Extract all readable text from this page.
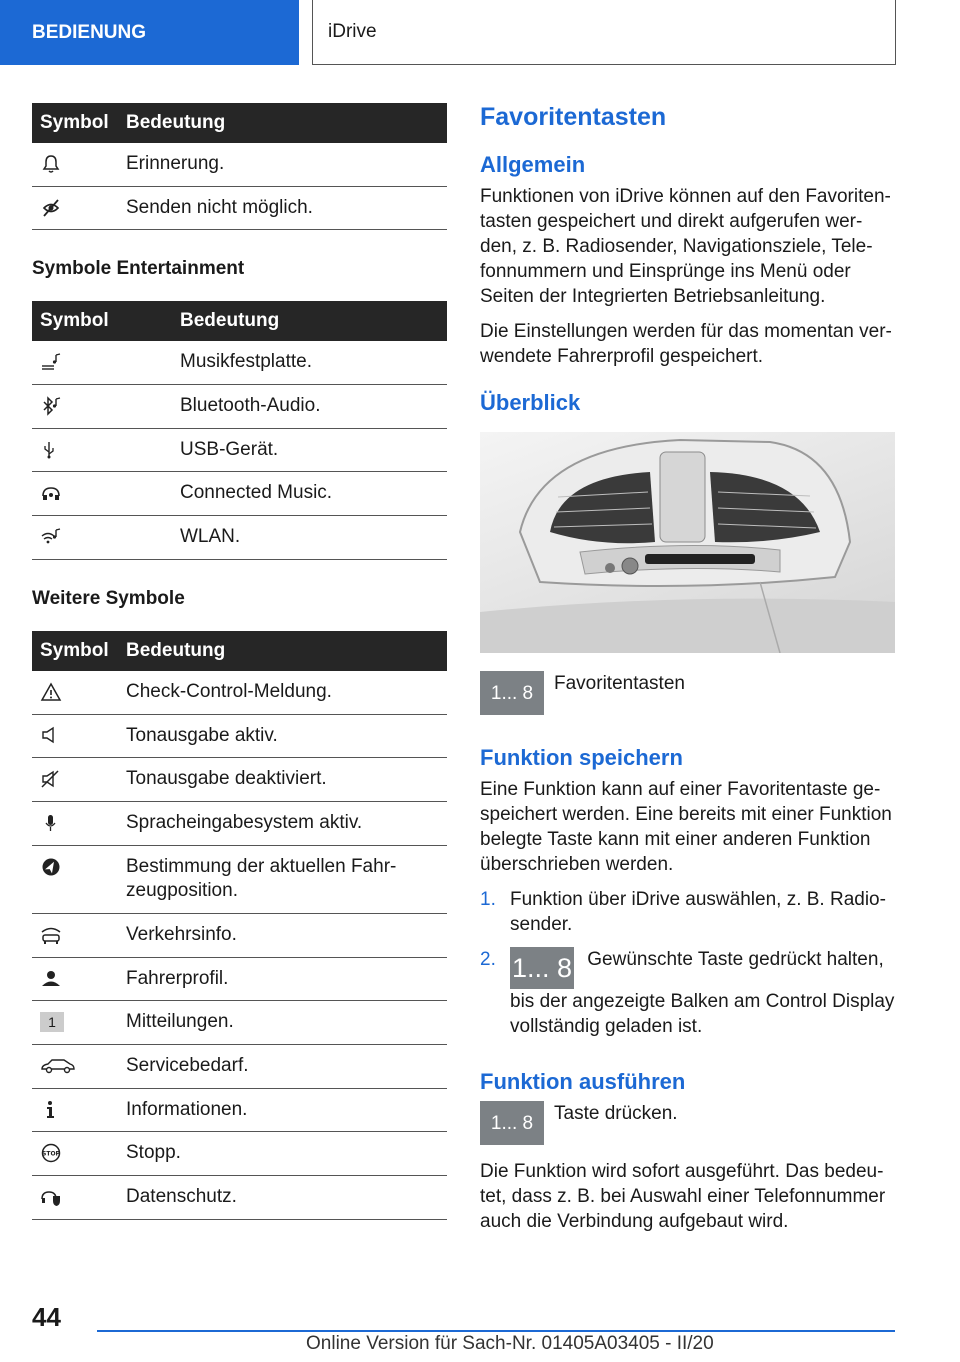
BEDIENUNG	iDrive
Symbol	Bedeutung
	Erinnerung.
	Senden nicht möglich.
Symbole Entertainment
Symbol	Bedeutung
	Musikfestplatte.
	Bluetooth-Audio.
	USB-Gerät.
	Connected Music.
	WLAN.
Weitere Symbole
Symbol	Bedeutung
	Check-Control-Meldung.
	Tonausgabe aktiv.
	Tonausgabe deaktiviert.
	Spracheingabesystem aktiv.
	Bestimmung der aktuellen Fahr-
zeugposition.
	Verkehrsinfo.
	Fahrerprofil.
1	Mitteilungen.
	Servicebedarf.
	Informationen.

STOP	Stopp.
	Datenschutz.
Favoritentasten
Allgemein

Funktionen von iDrive können auf den Favoriten-tasten gespeichert und direkt aufgerufen wer-den, z. B. Radiosender, Navigationsziele, Tele-fonnummern und Einsprünge ins Menü oder Seiten der Integrierten Betriebsanleitung.

Die Einstellungen werden für das momentan ver-wendete Fahrerprofil gespeichert.

Überblick
1... 8	Favoritentasten
Funktion speichern

Eine Funktion kann auf einer Favoritentaste ge-speichert werden. Eine bereits mit einer Funktion belegte Taste kann mit einer anderen Funktion überschrieben werden.

1. Funktion über iDrive auswählen, z. B. Radio-sender.
2. 1... 8 Gewünschte Taste gedrückt halten, bis der angezeigte Balken am Control Display vollständig geladen ist.
Funktion ausführen
1... 8	Taste drücken.

Die Funktion wird sofort ausgeführt. Das bedeu-tet, dass z. B. bei Auswahl einer Telefonnummer auch die Verbindung aufgebaut wird.

44
Online Version für Sach-Nr. 01405A03405 - II/20
